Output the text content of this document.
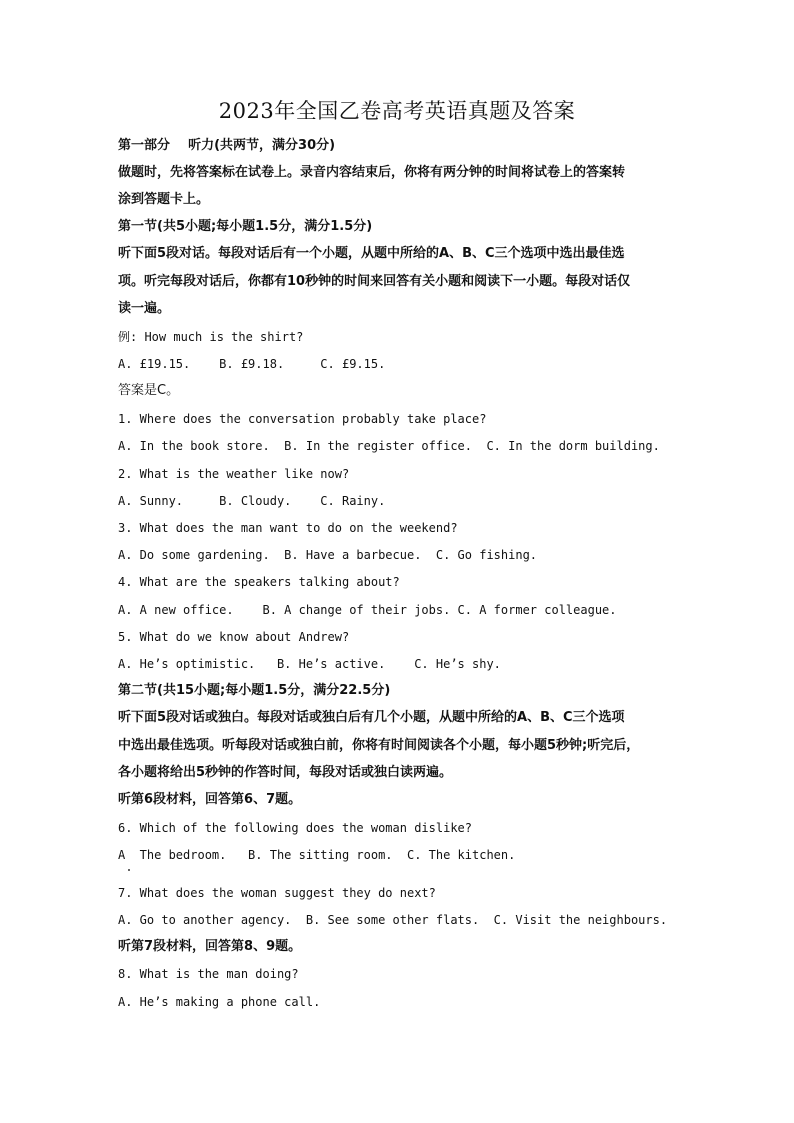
2023年全国乙卷高考英语真题及答案
第一部分    听力(共两节，满分30分)
做题时，先将答案标在试卷上。录音内容结束后，你将有两分钟的时间将试卷上的答案转
涂到答题卡上。
第一节(共5小题;每小题1.5分，满分1.5分)
听下面5段对话。每段对话后有一个小题，从题中所给的A、B、C三个选项中选出最佳选
项。听完每段对话后，你都有10秒钟的时间来回答有关小题和阅读下一小题。每段对话仅
读一遍。
例: How much is the shirt?
A. £19.15.    B. £9.18.     C. £9.15.
答案是C。
1. Where does the conversation probably take place?
A. In the book store.  B. In the register office.  C. In the dorm building.
2. What is the weather like now?
A. Sunny.     B. Cloudy.    C. Rainy.
3. What does the man want to do on the weekend?
A. Do some gardening.  B. Have a barbecue.  C. Go fishing.
4. What are the speakers talking about?
A. A new office.    B. A change of their jobs. C. A former colleague.
5. What do we know about Andrew?
A. He’s optimistic.   B. He’s active.    C. He’s shy.
第二节(共15小题;每小题1.5分，满分22.5分)
听下面5段对话或独白。每段对话或独白后有几个小题，从题中所给的A、B、C三个选项
中选出最佳选项。听每段对话或独白前，你将有时间阅读各个小题，每小题5秒钟;听完后，
各小题将给出5秒钟的作答时间，每段对话或独白读两遍。
听第6段材料，回答第6、7题。
6. Which of the following does the woman dislike?
A  The bedroom.   B. The sitting room.  C. The kitchen.
7. What does the woman suggest they do next?
A. Go to another agency.  B. See some other flats.  C. Visit the neighbours.
听第7段材料，回答第8、9题。
8. What is the man doing?
A. He’s making a phone call.
